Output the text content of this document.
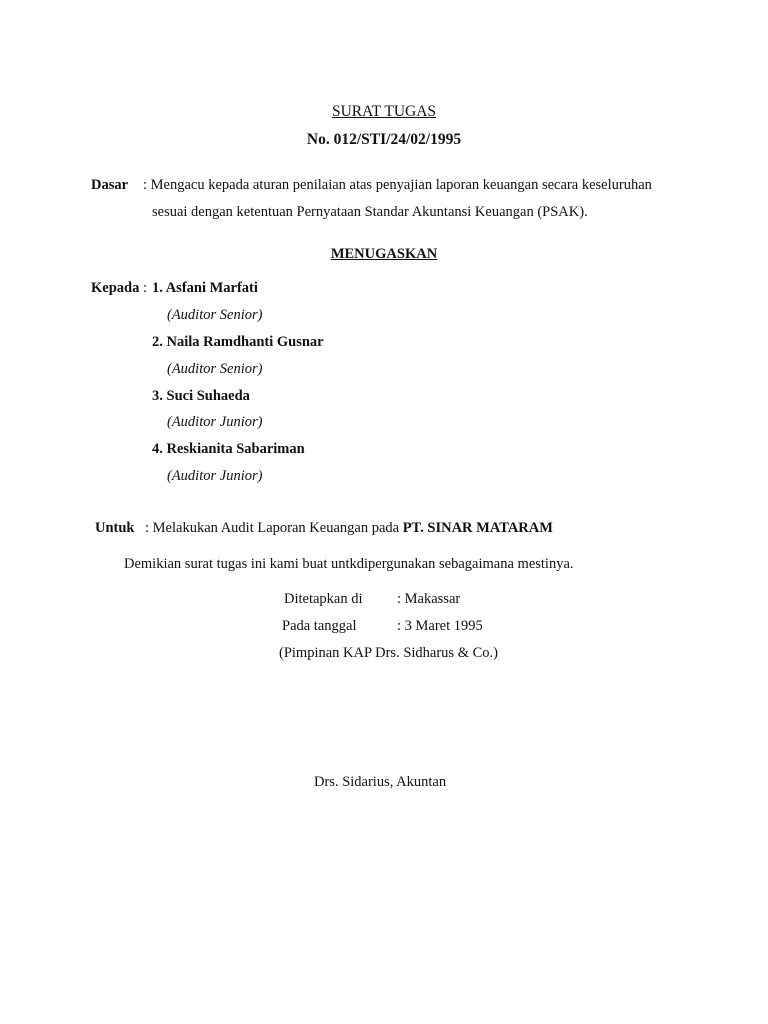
SURAT TUGAS
No. 012/STI/24/02/1995
Dasar : Mengacu kepada aturan penilaian atas penyajian laporan keuangan secara keseluruhan
sesuai dengan ketentuan Pernyataan Standar Akuntansi Keuangan (PSAK).
MENUGASKAN
Kepada : 1. Asfani Marfati
(Auditor Senior)
2. Naila Ramdhanti Gusnar
(Auditor Senior)
3. Suci Suhaeda
(Auditor Junior)
4. Reskianita Sabariman
(Auditor Junior)
Untuk : Melakukan Audit Laporan Keuangan pada PT. SINAR MATARAM
Demikian surat tugas ini kami buat untkdipergunakan sebagaimana mestinya.
Ditetapkan di : Makassar
Pada tanggal	: 3 Maret 1995
(Pimpinan KAP Drs. Sidharus & Co.)
Drs. Sidarius, Akuntan
